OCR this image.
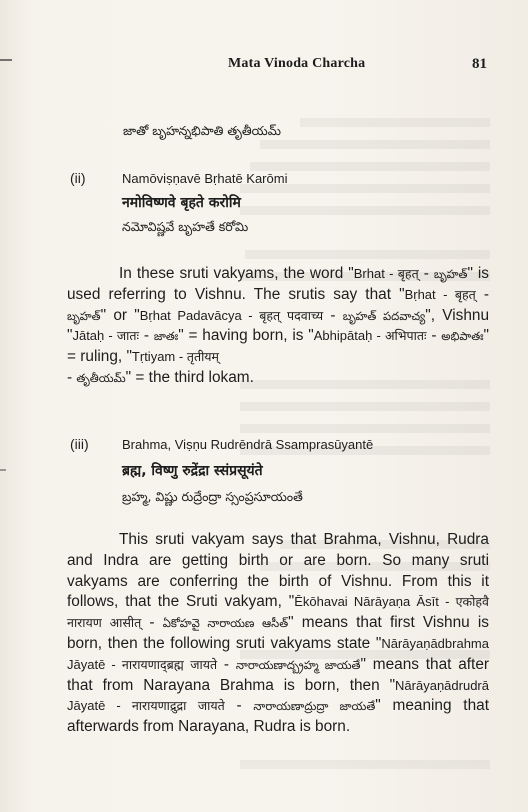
Mata Vinoda Charcha	81
జాతో బృహన్నభిపాతి తృతీయమ్
(ii)	Namōviṣṇavē Bṛhatē Karōmi
नमोविष्णवे बृहते करोमि
నమోవిష్ణవే బృహతే కరోమి

In these sruti vakyams, the word "Brhat - बृहत् - బృహత్" is used referring to Vishnu. The srutis say that "Bṛhat - बृहत् - బృహత్" or "Bṛhat Padavācya - बृहत् पदवाच्य - బృహత్ పదవాచ్య", Vishnu "Jātaḥ - जातः - జాతః" = having born, is "Abhipātaḥ - अभिपातः - అభిపాతః" = ruling, "Tṛtiyam - तृतीयम्
- తృతీయమ్" = the third lokam.

(iii)	Brahma, Viṣṇu Rudrēndrā Ssamprasūyantē
ब्रह्म, विष्णु रुद्रेंद्रा स्संप्रसूयंते
బ్రహ్మ, విష్ణు రుద్రేంద్రా స్సంప్రసూయంతే

This sruti vakyam says that Brahma, Vishnu, Rudra and Indra are getting birth or are born. So many sruti vakyams are conferring the birth of Vishnu. From this it follows, that the Sruti vakyam, "Ēkōhavai Nārāyaṇa Āsīt - एकोहवै नारायण आसीत् - ఏకోహవై నారాయణ ఆసీత్" means that first Vishnu is born, then the following sruti vakyams state "Nārāyaṇādbrahma Jāyatē - नारायणाद्ब्रह्म जायते - నారాయణాద్బ్రహ్మ జాయతే" means that after that from Narayana Brahma is born, then "Nārāyaṇādrudrā Jāyatē - नारायणाद्रुद्रा जायते - నారాయణాద్రుద్రా జాయతే" meaning that afterwards from Narayana, Rudra is born.
